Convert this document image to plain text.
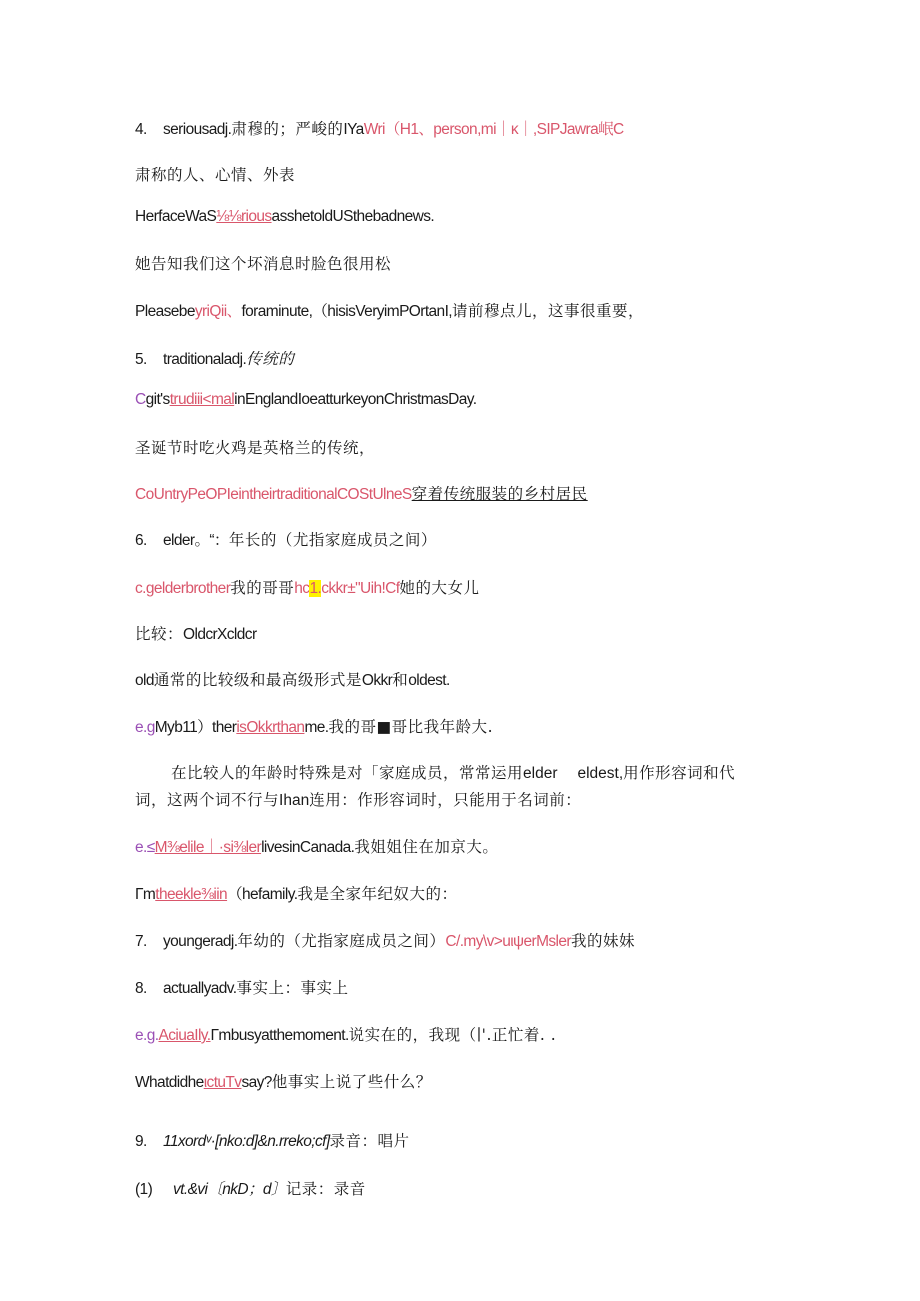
4. seriousadj.肃穆的；严峻的IYaWri（H1、person,mi｜κ｜,SIPJawra岷C
肃称的人、心情、外表
HerfaceWaS⅛⅛riousasshetoldUSthebadnews.
她告知我们这个坏消息时脸色很用松
PleasebeyriQii、foraminute,（hisisVeryimPOrtanI,请前穆点儿，这事很重要，
5. traditionaladj.传统的
Cgit'strudiii<malinEnglandIoeatturkeyonChristmasDay.
圣诞节时吃火鸡是英格兰的传统，
CoUntryPeOPIeintheirtraditionalCOStUlneS穿着传统服装的乡村居民
6. elder。“：年长的（尤指家庭成员之间）
c.gelderbrother我的哥哥hc1.ckkr±"Uih!Cf她的大女儿
比较：OldcrXcldcr
old通常的比较级和最高级形式是Okkr和oldest.
e.gMyb11）therisOkkrthanme.我的哥■哥比我年龄大.
在比较人的年龄时特殊是对「家庭成员，常常运用elder eldest,用作形容词和代
词，这两个词不行与Ihan连用：作形容词时，只能用于名词前：
e.≤M⅜elile｜·si⅜lerlivesinCanada.我姐姐住在加京大。
Γmtheekle⅜iin（hefamily.我是全家年纪奴大的：
7. youngeradj.年幼的（尤指家庭成员之间）C/.my\v>uιψerMsler我的妹妹
8. actuallyadv.事实上：事实上
e.g.AciuaIly.Γmbusyatthemoment.说实在的，我现（∣'.正忙着. .
WhatdidheιctuTvsay?他事实上说了些什么？
9. 11xordᵛ·[nko:d]&n.rreko;cf]录音：唱片
(1) vt.&vi〔nkD；d〕记录：录音
